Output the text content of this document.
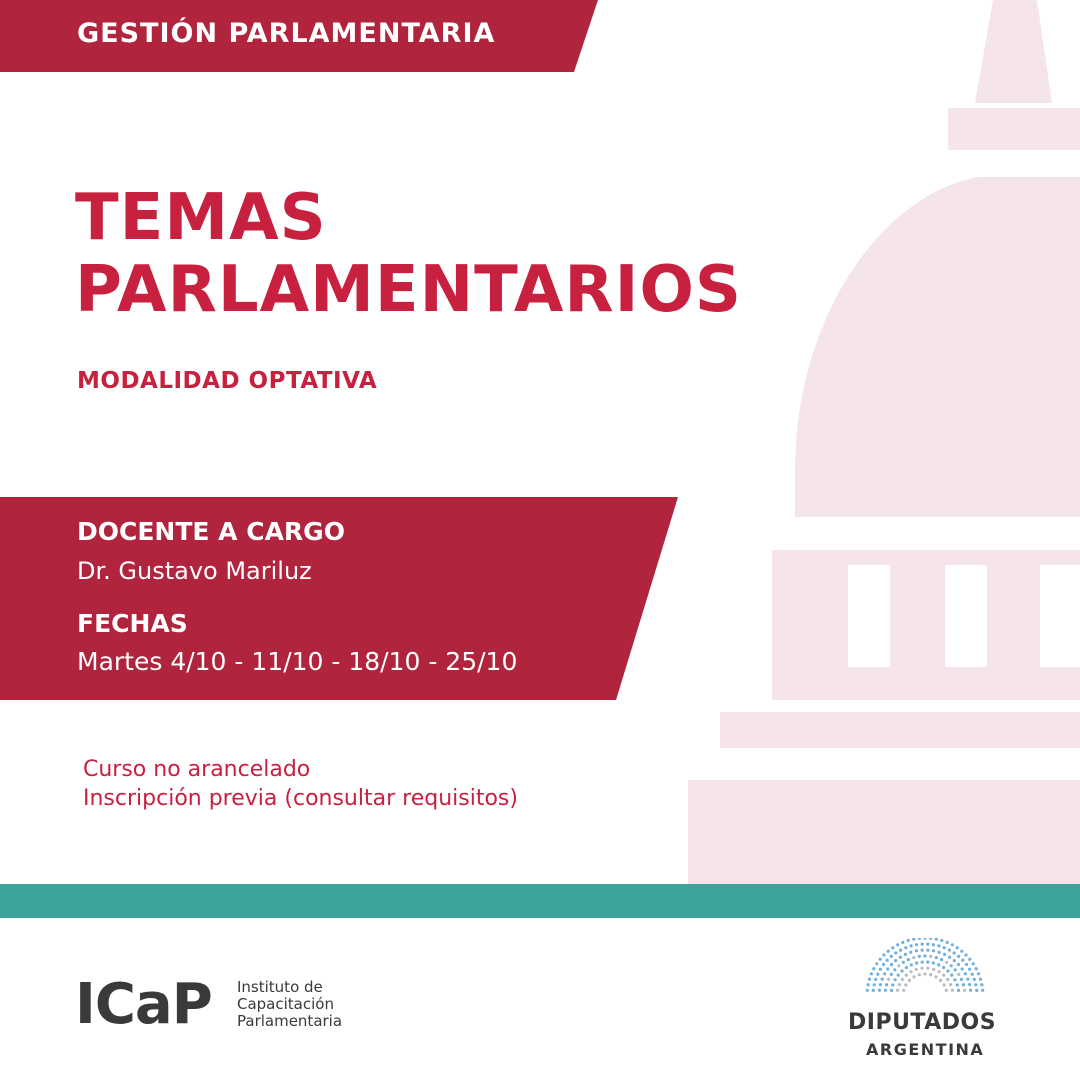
GESTIÓN PARLAMENTARIA
TEMAS
PARLAMENTARIOS
MODALIDAD OPTATIVA
DOCENTE A CARGO
Dr. Gustavo Mariluz
FECHAS
Martes 4/10 - 11/10 - 18/10 - 25/10
Curso no arancelado
Inscripción previa (consultar requisitos)
ICaP Instituto de
Capacitación
Parlamentaria	DIPUTADOS
ARGENTINA
